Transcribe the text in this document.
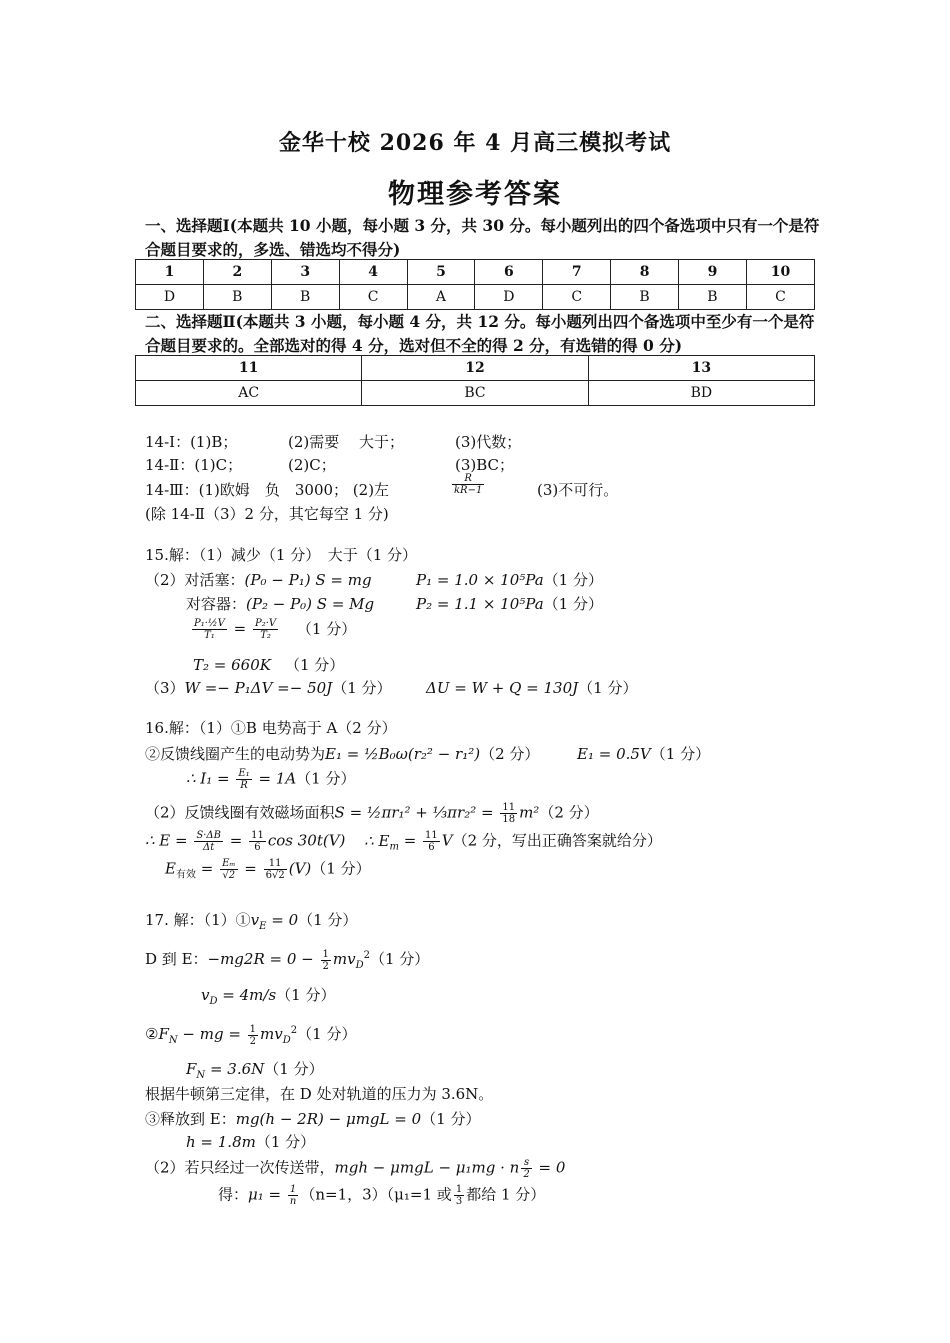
金华十校 2026 年 4 月高三模拟考试
物理参考答案
一、选择题Ⅰ(本题共 10 小题，每小题 3 分，共 30 分。每小题列出的四个备选项中只有一个是符合题目要求的，多选、错选均不得分)
1	2	3	4	5	6	7	8	9	10
D	B	B	C	A	D	C	B	B	C
二、选择题Ⅱ(本题共 3 小题，每小题 4 分，共 12 分。每小题列出四个备选项中至少有一个是符合题目要求的。全部选对的得 4 分，选对但不全的得 2 分，有选错的得 0 分)
11	12	13
AC	BC	BD
14-Ⅰ：(1)B；	(2)需要　 大于；	(3)代数；
14-Ⅱ：(1)C；	(2)C；	(3)BC；
14-Ⅲ：(1)欧姆　负　3000； (2)左	$\frac{R}{kR-1}$	(3)不可行。
(除 14-Ⅱ（3）2 分，其它每空 1 分)
15.解：（1）减少（1 分）　大于（1 分）
（2）对活塞：(P₀ − P₁) S = mg	P₁ = 1.0 × 10⁵Pa（1 分）
对容器：(P₂ − P₀) S = Mg	P₂ = 1.1 × 10⁵Pa（1 分）
$\frac{\text{P₁·½V}}{\text{T₁}} = \frac{\text{P₂·V}}{\text{T₂}} (1$ 分）
T₂ = 660K （1 分）
（3）W =− P₁ΔV =− 50J（1 分） ΔU = W + Q = 130J（1 分）
16.解：（1）①B 电势高于 A（2 分）
②反馈线圈产生的电动势为E₁ = ½B₀ω(r₂² − r₁²)（2 分）	E₁ = 0.5V（1 分）
∴ $I_1 = \frac{\text{E₁}}{R} = 1A(1$ 分）
（2）反馈线圈有效磁场面积S = ½πr₁² + ⅓πr₂² = $\frac{11}{18} m^2(2$ 分）
∴ $E = \frac{S\cdot\Delta B}{\Delta t} = \frac{11}{6}$ cos 30t(V) ∴ $E_m = \frac{11}{6} V(2$ 分，写出正确答案就给分）
$E_{有效} = \frac{\text{Eₘ}}{√2} = \frac{11}{6√2} (V)(1$ 分）
17. 解：$(1)①v_E = 0(1$ 分）
D 到 E：$-mg2R = 0 - \frac{1}{2} mv_D^2(1$ 分）
$v_D = 4m/s(1$ 分）
$②F_N$ − mg = $\frac{1}{2} mv_D^2(1$ 分）
$F_N = 3.6N(1$ 分）
根据牛顿第三定律，在 D 处对轨道的压力为 3.6N。
③释放到 E：mg(h − 2R) − μmgL = 0（1 分）
h = 1.8m（1 分）
（2）若只经过一次传送带，mgh − μmgL − μ₁mg · n $\frac{s}{2} = 0$
得：$\mu_1 = \frac{1}{n} (n=1$，3）（μ₁=1 或 $\frac{1}{3}$ 都给 1 分）
